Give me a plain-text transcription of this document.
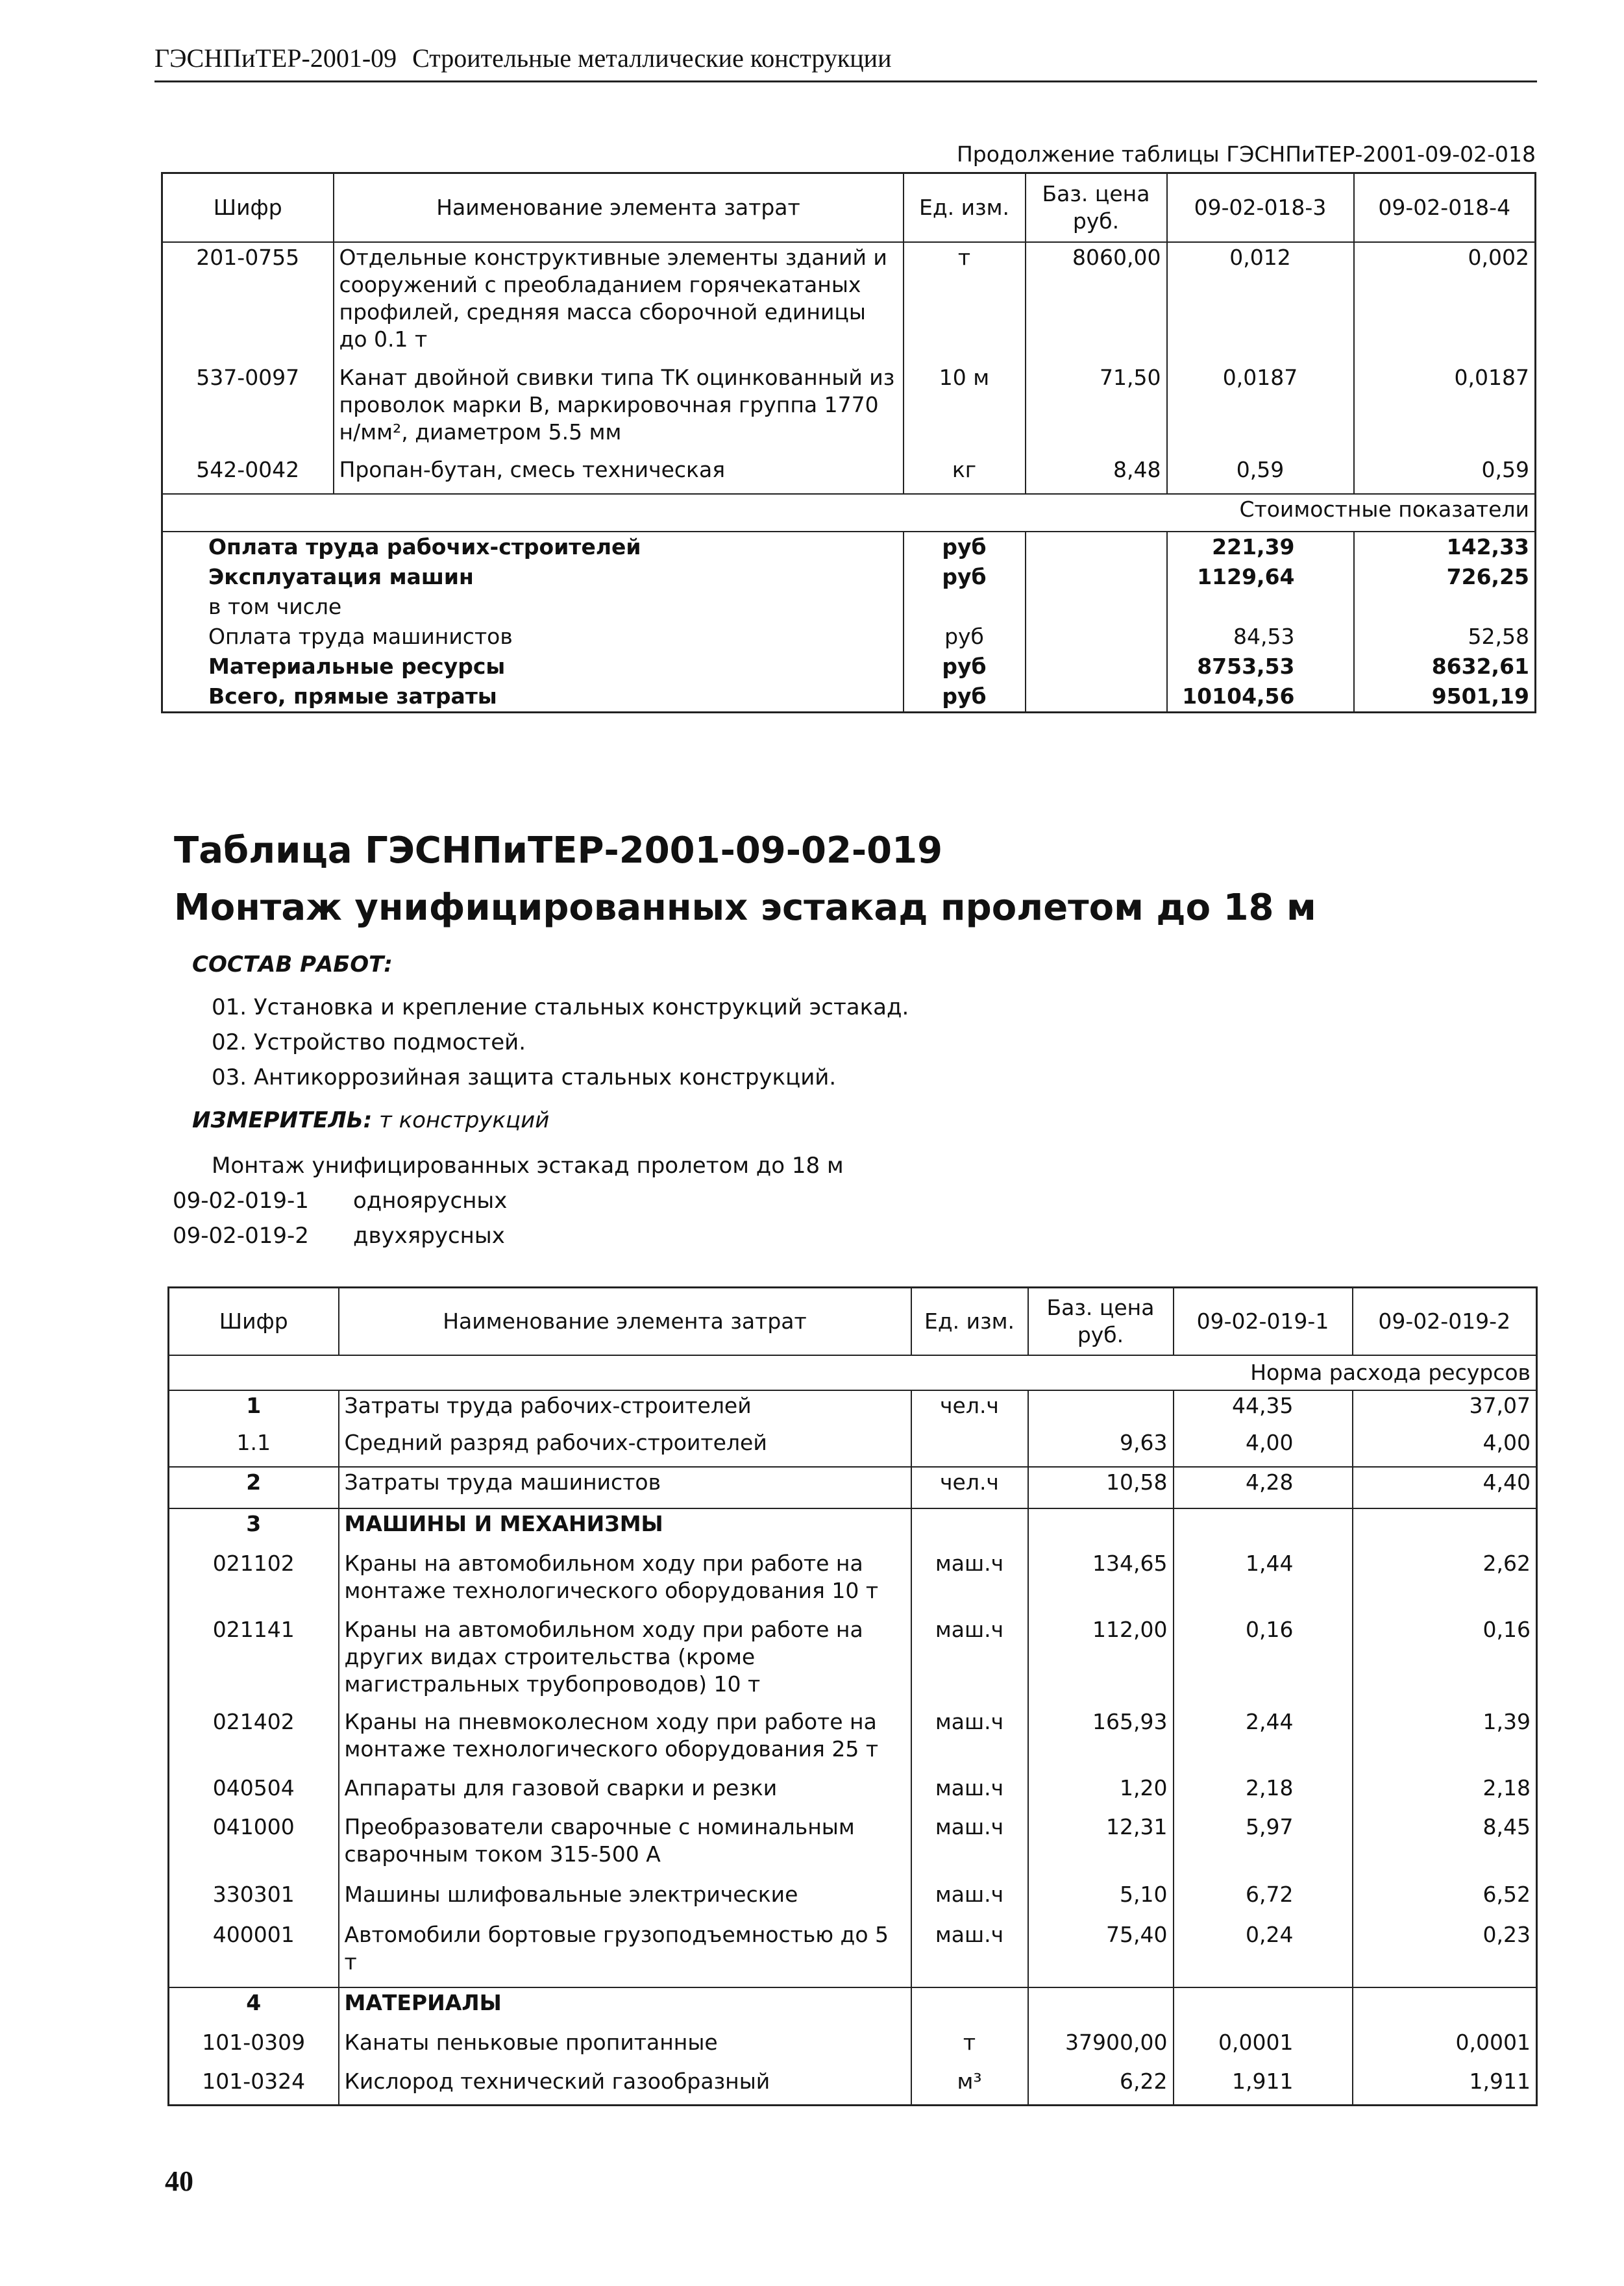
ГЭСНПиТЕР-2001-09 Строительные металлические конструкции
Продолжение таблицы ГЭСНПиТЕР-2001-09-02-018
Шифр	Наименование элемента затрат	Ед. изм.	Баз. цена руб.	09-02-018-3	09-02-018-4
201-0755	Отдельные конструктивные элементы зданий и сооружений с преобладанием горячекатаных профилей, средняя масса сборочной единицы до 0.1 т	т	8060,00	0,012	0,002
537-0097	Канат двойной свивки типа ТК оцинкованный из проволок марки В, маркировочная группа 1770 н/мм², диаметром 5.5 мм	10 м	71,50	0,0187	0,0187
542-0042	Пропан-бутан, смесь техническая	кг	8,48	0,59	0,59
Стоимостные показатели					
Оплата труда рабочих-строителей		руб		221,39	142,33
Эксплуатация машин		руб		1129,64	726,25
в том числе					
Оплата труда машинистов		руб		84,53	52,58
Материальные ресурсы		руб		8753,53	8632,61
Всего, прямые затраты		руб		10104,56	9501,19
Таблица ГЭСНПиТЕР-2001-09-02-019
Монтаж унифицированных эстакад пролетом до 18 м
СОСТАВ РАБОТ:
01. Установка и крепление стальных конструкций эстакад.
02. Устройство подмостей.
03. Антикоррозийная защита стальных конструкций.
ИЗМЕРИТЕЛЬ: т конструкций
Монтаж унифицированных эстакад пролетом до 18 м
09-02-019-1 одноярусных
09-02-019-2 двухярусных
Шифр	Наименование элемента затрат	Ед. изм.	Баз. цена руб.	09-02-019-1	09-02-019-2
Норма расхода ресурсов					
1	Затраты труда рабочих-строителей	чел.ч		44,35	37,07
1.1	Средний разряд рабочих-строителей		9,63	4,00	4,00
2	Затраты труда машинистов	чел.ч	10,58	4,28	4,40
3	МАШИНЫ И МЕХАНИЗМЫ				
021102	Краны на автомобильном ходу при работе на монтаже технологического оборудования 10 т	маш.ч	134,65	1,44	2,62
021141	Краны на автомобильном ходу при работе на других видах строительства (кроме магистральных трубопроводов) 10 т	маш.ч	112,00	0,16	0,16
021402	Краны на пневмоколесном ходу при работе на монтаже технологического оборудования 25 т	маш.ч	165,93	2,44	1,39
040504	Аппараты для газовой сварки и резки	маш.ч	1,20	2,18	2,18
041000	Преобразователи сварочные с номинальным сварочным током 315-500 А	маш.ч	12,31	5,97	8,45
330301	Машины шлифовальные электрические	маш.ч	5,10	6,72	6,52
400001	Автомобили бортовые грузоподъемностью до 5 т	маш.ч	75,40	0,24	0,23
4	МАТЕРИАЛЫ				
101-0309	Канаты пеньковые пропитанные	т	37900,00	0,0001	0,0001
101-0324	Кислород технический газообразный	м³	6,22	1,911	1,911
40
